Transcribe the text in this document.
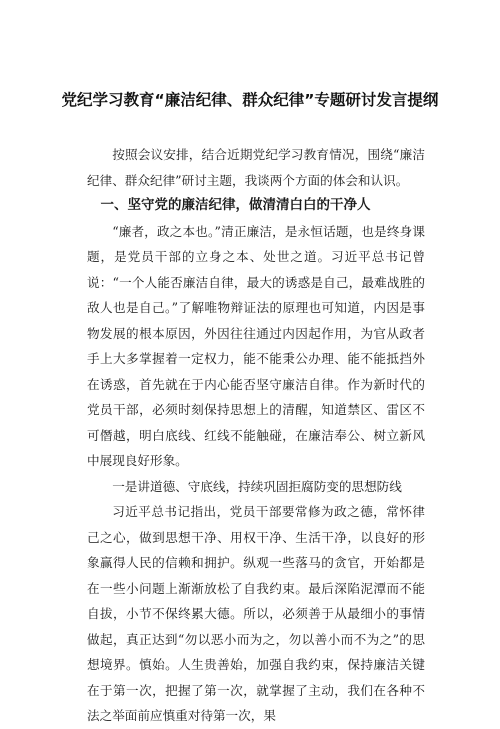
党纪学习教育“廉洁纪律、群众纪律”专题研讨发言提纲

按照会议安排，结合近期党纪学习教育情况，围绕“廉洁纪律、群众纪律”研讨主题，我谈两个方面的体会和认识。

一、坚守党的廉洁纪律，做清清白白的干净人

“廉者，政之本也。”清正廉洁，是永恒话题，也是终身课题，是党员干部的立身之本、处世之道。习近平总书记曾说：“一个人能否廉洁自律，最大的诱惑是自己，最难战胜的敌人也是自己。”了解唯物辩证法的原理也可知道，内因是事物发展的根本原因，外因往往通过内因起作用，为官从政者手上大多掌握着一定权力，能不能秉公办理、能不能抵挡外在诱惑，首先就在于内心能否坚守廉洁自律。作为新时代的党员干部，必须时刻保持思想上的清醒，知道禁区、雷区不可僭越，明白底线、红线不能触碰，在廉洁奉公、树立新风中展现良好形象。

一是讲道德、守底线，持续巩固拒腐防变的思想防线

习近平总书记指出，党员干部要常修为政之德，常怀律己之心，做到思想干净、用权干净、生活干净，以良好的形象赢得人民的信赖和拥护。纵观一些落马的贪官，开始都是在一些小问题上渐渐放松了自我约束。最后深陷泥潭而不能自拔，小节不保终累大德。所以，必须善于从最细小的事情做起，真正达到“勿以恶小而为之，勿以善小而不为之”的思想境界。慎始。人生贵善始，加强自我约束，保持廉洁关键在于第一次，把握了第一次，就掌握了主动，我们在各种不法之举面前应慎重对待第一次，果
